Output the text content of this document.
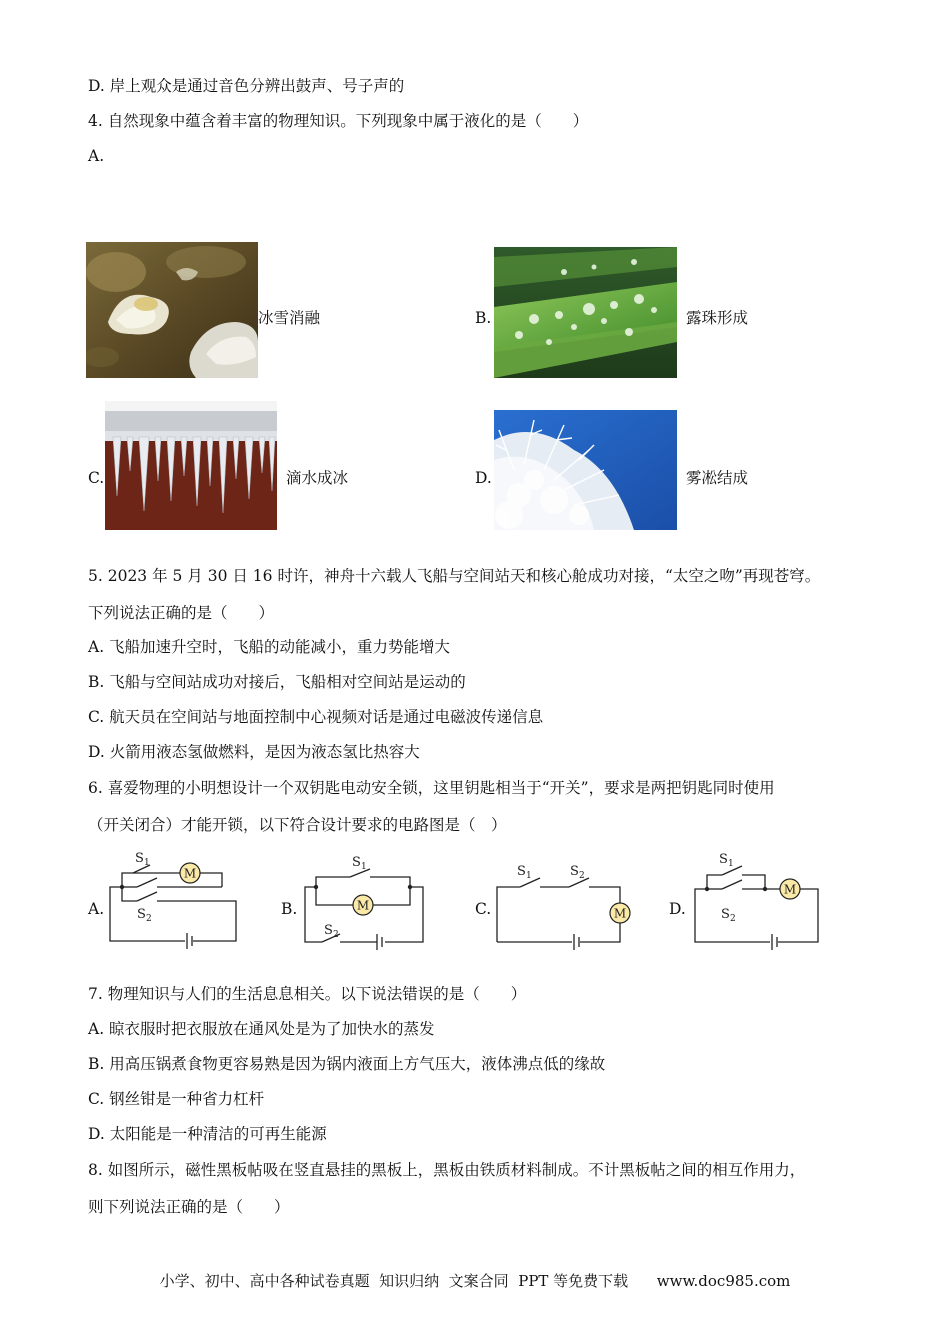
D. 岸上观众是通过音色分辨出鼓声、号子声的
4. 自然现象中蕴含着丰富的物理知识。下列现象中属于液化的是（　　）
A.
冰雪消融	B.	露珠形成
C.	滴水成冰	D.	雾凇结成
5. 2023 年 5 月 30 日 16 时许，神舟十六载人飞船与空间站天和核心舱成功对接，“太空之吻”再现苍穹。
下列说法正确的是（　　）
A. 飞船加速升空时，飞船的动能减小，重力势能增大
B. 飞船与空间站成功对接后，飞船相对空间站是运动的
C. 航天员在空间站与地面控制中心视频对话是通过电磁波传递信息
D. 火箭用液态氢做燃料，是因为液态氢比热容大
6. 喜爱物理的小明想设计一个双钥匙电动安全锁，这里钥匙相当于“开关”，要求是两把钥匙同时使用
（开关闭合）才能开锁，以下符合设计要求的电路图是（　）
A.	B.	C.	D.
M
S 1
S 2
M
S 1
S 2
M
S 1	S 2
M
S 1
S 2
7. 物理知识与人们的生活息息相关。以下说法错误的是（　　）
A. 晾衣服时把衣服放在通风处是为了加快水的蒸发
B. 用高压锅煮食物更容易熟是因为锅内液面上方气压大，液体沸点低的缘故
C. 钢丝钳是一种省力杠杆
D. 太阳能是一种清洁的可再生能源
8. 如图所示，磁性黑板帖吸在竖直悬挂的黑板上，黑板由铁质材料制成。不计黑板帖之间的相互作用力，
则下列说法正确的是（　　）
小学、初中、高中各种试卷真题  知识归纳  文案合同  PPT 等免费下载      www.doc985.com
